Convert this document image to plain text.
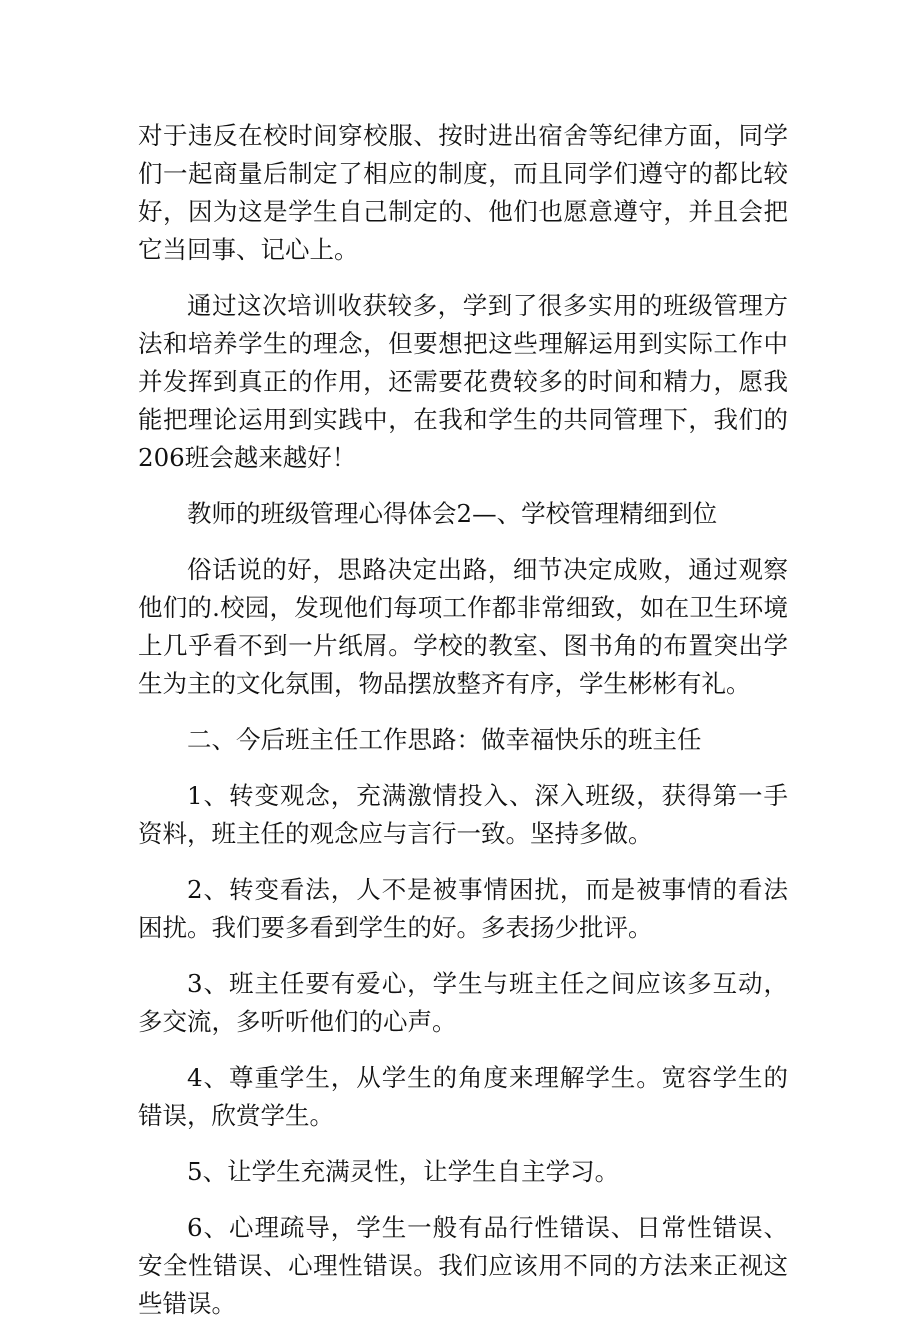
对于违反在校时间穿校服、按时进出宿舍等纪律方面，同学们一起商量后制定了相应的制度，而且同学们遵守的都比较好，因为这是学生自己制定的、他们也愿意遵守，并且会把它当回事、记心上。

通过这次培训收获较多，学到了很多实用的班级管理方法和培养学生的理念，但要想把这些理解运用到实际工作中并发挥到真正的作用，还需要花费较多的时间和精力，愿我能把理论运用到实践中，在我和学生的共同管理下，我们的206班会越来越好！

教师的班级管理心得体会2—、学校管理精细到位

俗话说的好，思路决定出路，细节决定成败，通过观察他们的.校园，发现他们每项工作都非常细致，如在卫生环境上几乎看不到一片纸屑。学校的教室、图书角的布置突出学生为主的文化氛围，物品摆放整齐有序，学生彬彬有礼。

二、今后班主任工作思路：做幸福快乐的班主任

1、转变观念，充满激情投入、深入班级，获得第一手资料，班主任的观念应与言行一致。坚持多做。

2、转变看法，人不是被事情困扰，而是被事情的看法困扰。我们要多看到学生的好。多表扬少批评。

3、班主任要有爱心，学生与班主任之间应该多互动，多交流，多听听他们的心声。

4、尊重学生，从学生的角度来理解学生。宽容学生的错误，欣赏学生。

5、让学生充满灵性，让学生自主学习。

6、心理疏导，学生一般有品行性错误、日常性错误、安全性错误、心理性错误。我们应该用不同的方法来正视这些错误。
